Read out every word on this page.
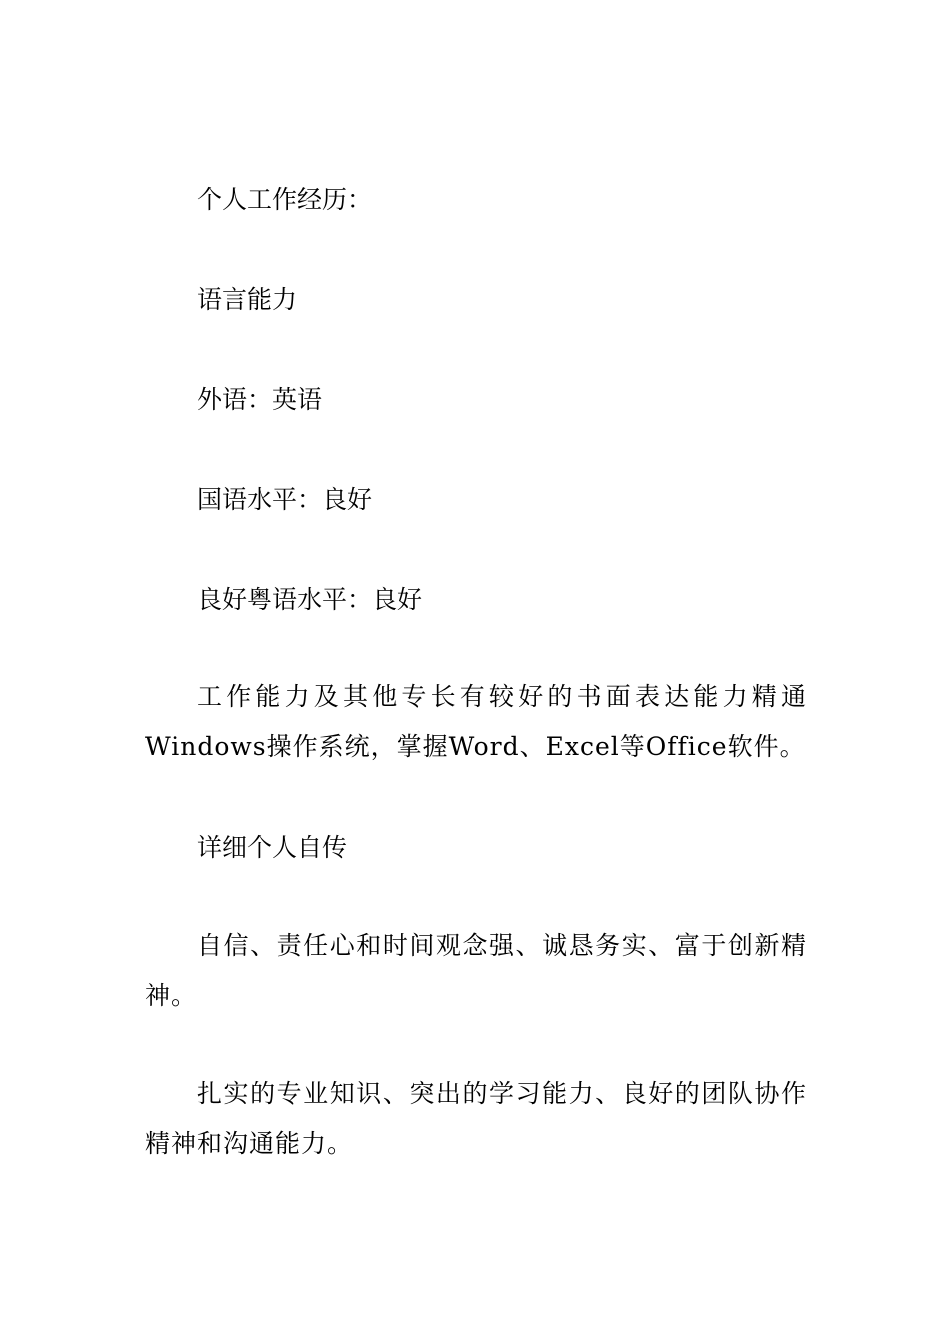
个人工作经历：

语言能力

外语：英语

国语水平：良好

良好粤语水平：良好

工作能力及其他专长有较好的书面表达能力精通Windows操作系统，掌握Word、Excel等Office软件。

详细个人自传

自信、责任心和时间观念强、诚恳务实、富于创新精神。

扎实的专业知识、突出的学习能力、良好的团队协作精神和沟通能力。
